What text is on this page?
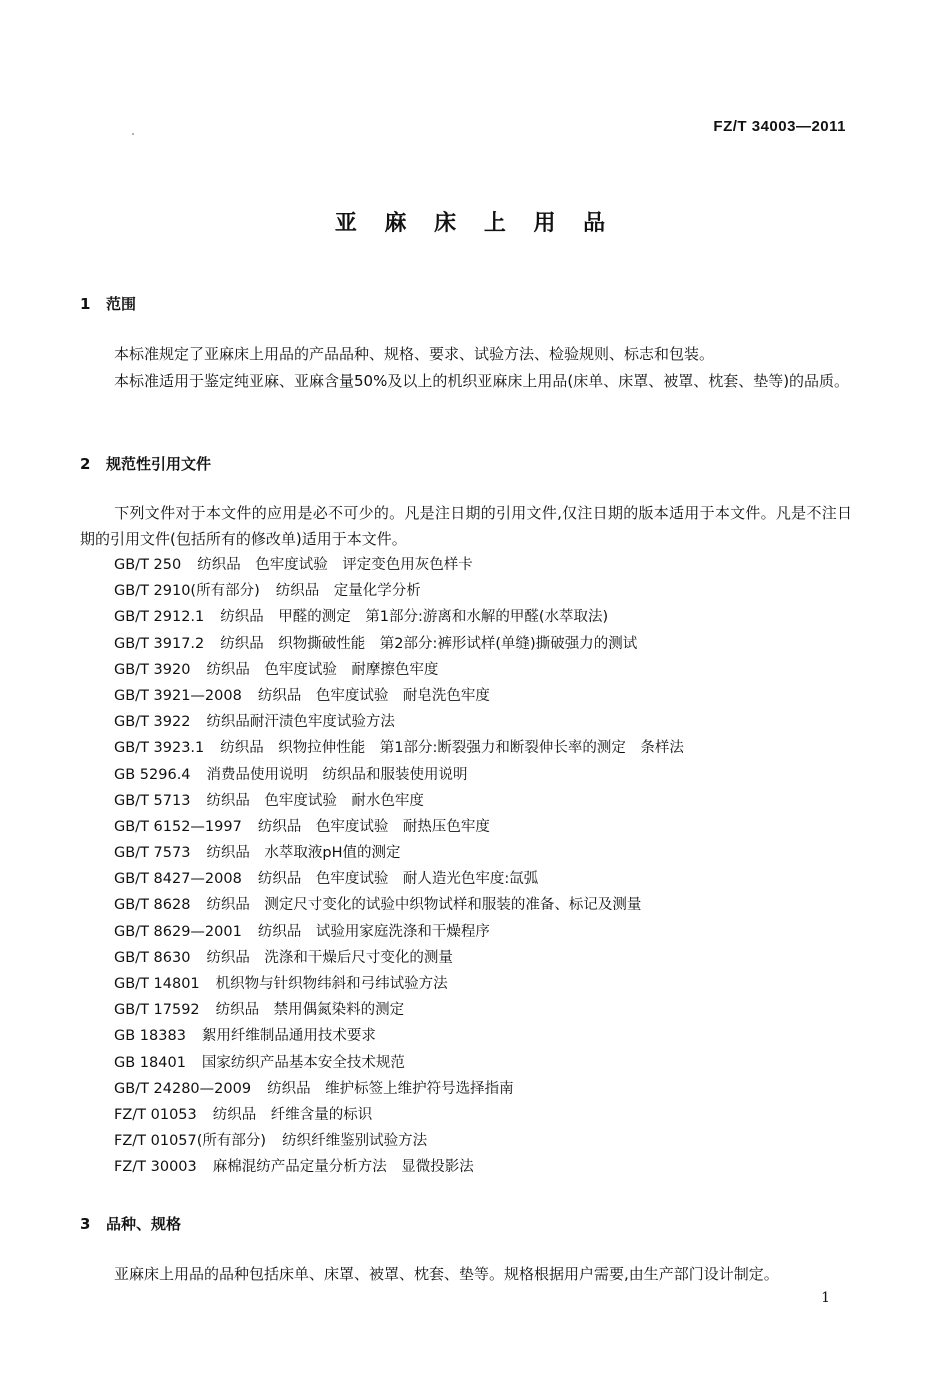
FZ/T 34003—2011
亚 麻 床 上 用 品
1 范围
本标准规定了亚麻床上用品的产品品种、规格、要求、试验方法、检验规则、标志和包装。
本标准适用于鉴定纯亚麻、亚麻含量50%及以上的机织亚麻床上用品(床单、床罩、被罩、枕套、垫等)的品质。
2 规范性引用文件
下列文件对于本文件的应用是必不可少的。凡是注日期的引用文件,仅注日期的版本适用于本文件。凡是不注日期的引用文件(包括所有的修改单)适用于本文件。
GB/T 250 纺织品　色牢度试验　评定变色用灰色样卡
GB/T 2910(所有部分) 纺织品　定量化学分析
GB/T 2912.1 纺织品　甲醛的测定　第1部分:游离和水解的甲醛(水萃取法)
GB/T 3917.2 纺织品　织物撕破性能　第2部分:裤形试样(单缝)撕破强力的测试
GB/T 3920 纺织品　色牢度试验　耐摩擦色牢度
GB/T 3921—2008 纺织品　色牢度试验　耐皂洗色牢度
GB/T 3922 纺织品耐汗渍色牢度试验方法
GB/T 3923.1 纺织品　织物拉伸性能　第1部分:断裂强力和断裂伸长率的测定　条样法
GB 5296.4 消费品使用说明　纺织品和服装使用说明
GB/T 5713 纺织品　色牢度试验　耐水色牢度
GB/T 6152—1997 纺织品　色牢度试验　耐热压色牢度
GB/T 7573 纺织品　水萃取液pH值的测定
GB/T 8427—2008 纺织品　色牢度试验　耐人造光色牢度:氙弧
GB/T 8628 纺织品　测定尺寸变化的试验中织物试样和服装的准备、标记及测量
GB/T 8629—2001 纺织品　试验用家庭洗涤和干燥程序
GB/T 8630 纺织品　洗涤和干燥后尺寸变化的测量
GB/T 14801 机织物与针织物纬斜和弓纬试验方法
GB/T 17592 纺织品　禁用偶氮染料的测定
GB 18383 絮用纤维制品通用技术要求
GB 18401 国家纺织产品基本安全技术规范
GB/T 24280—2009 纺织品　维护标签上维护符号选择指南
FZ/T 01053 纺织品　纤维含量的标识
FZ/T 01057(所有部分) 纺织纤维鉴别试验方法
FZ/T 30003 麻棉混纺产品定量分析方法　显微投影法
3 品种、规格
亚麻床上用品的品种包括床单、床罩、被罩、枕套、垫等。规格根据用户需要,由生产部门设计制定。
1
